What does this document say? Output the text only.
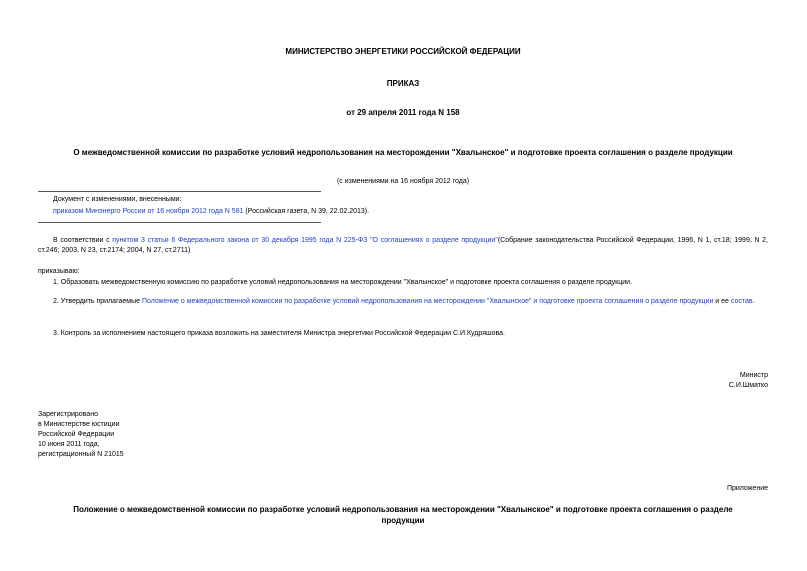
МИНИСТЕРСТВО ЭНЕРГЕТИКИ РОССИЙСКОЙ ФЕДЕРАЦИИ
ПРИКАЗ
от 29 апреля 2011 года N 158
О межведомственной комиссии по разработке условий недропользования на месторождении "Хвалынское" и подготовке проекта соглашения о разделе продукции
(с изменениями на 16 ноября 2012 года)
Документ с изменениями, внесенными:
приказом Минэнерго России от 16 ноября 2012 года N 581 (Российская газета, N 39, 22.02.2013).
В соответствии с пунктом 3 статьи 6 Федерального закона от 30 декабря 1995 года N 225-ФЗ "О соглашениях о разделе продукции"(Собрание законодательства Российской Федерации, 1996, N 1, ст.18; 1999, N 2, ст.246; 2003, N 23, ст.2174; 2004, N 27, ст.2711)
приказываю:
1. Образовать межведомственную комиссию по разработке условий недропользования на месторождении "Хвалынское" и подготовке проекта соглашения о разделе продукции.
2. Утвердить прилагаемые Положение о межведомственной комиссии по разработке условий недропользования на месторождении "Хвалынское" и подготовке проекта соглашения о разделе продукции и ее состав.
3. Контроль за исполнением настоящего приказа возложить на заместителя Министра энергетики Российской Федерации С.И.Кудряшова.
Министр
С.И.Шматко
Зарегистрировано
в Министерстве юстиции
Российской Федерации
10 июня 2011 года,
регистрационный N 21015
Приложение
Положение о межведомственной комиссии по разработке условий недропользования на месторождении "Хвалынское" и подготовке проекта соглашения о разделе продукции
